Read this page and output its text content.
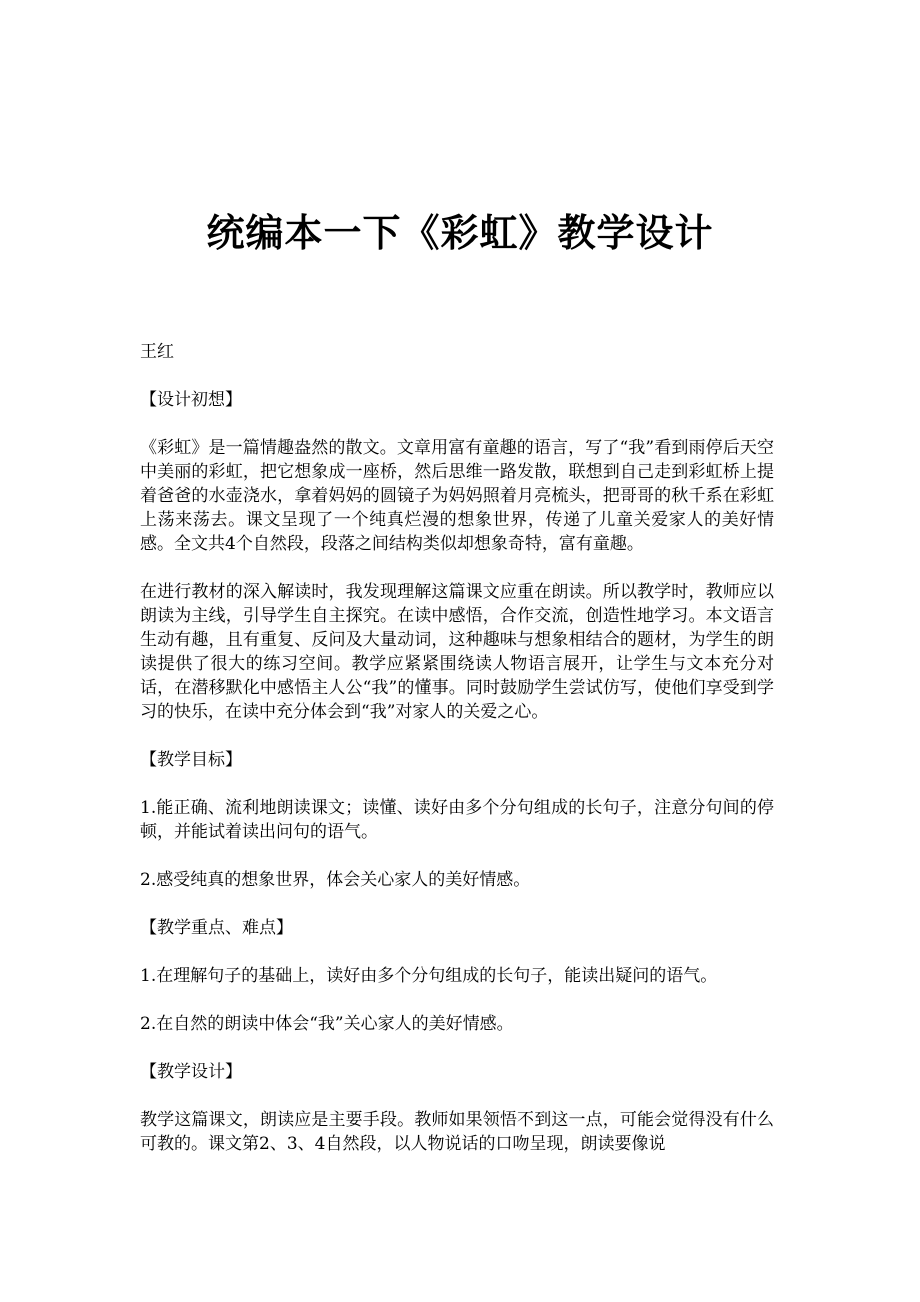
统编本一下《彩虹》教学设计

王红

【设计初想】

《彩虹》是一篇情趣盎然的散文。文章用富有童趣的语言，写了“我”看到雨停后天空中美丽的彩虹，把它想象成一座桥，然后思维一路发散，联想到自己走到彩虹桥上提着爸爸的水壶浇水，拿着妈妈的圆镜子为妈妈照着月亮梳头，把哥哥的秋千系在彩虹上荡来荡去。课文呈现了一个纯真烂漫的想象世界，传递了儿童关爱家人的美好情感。全文共4个自然段，段落之间结构类似却想象奇特，富有童趣。

在进行教材的深入解读时，我发现理解这篇课文应重在朗读。所以教学时，教师应以朗读为主线，引导学生自主探究。在读中感悟，合作交流，创造性地学习。本文语言生动有趣，且有重复、反问及大量动词，这种趣味与想象相结合的题材，为学生的朗读提供了很大的练习空间。教学应紧紧围绕读人物语言展开，让学生与文本充分对话，在潜移默化中感悟主人公“我”的懂事。同时鼓励学生尝试仿写，使他们享受到学习的快乐，在读中充分体会到“我”对家人的关爱之心。

【教学目标】

1.能正确、流利地朗读课文；读懂、读好由多个分句组成的长句子，注意分句间的停顿，并能试着读出问句的语气。

2.感受纯真的想象世界，体会关心家人的美好情感。

【教学重点、难点】

1.在理解句子的基础上，读好由多个分句组成的长句子，能读出疑问的语气。

2.在自然的朗读中体会“我”关心家人的美好情感。

【教学设计】

教学这篇课文，朗读应是主要手段。教师如果领悟不到这一点，可能会觉得没有什么可教的。课文第2、3、4自然段，以人物说话的口吻呈现，朗读要像说
